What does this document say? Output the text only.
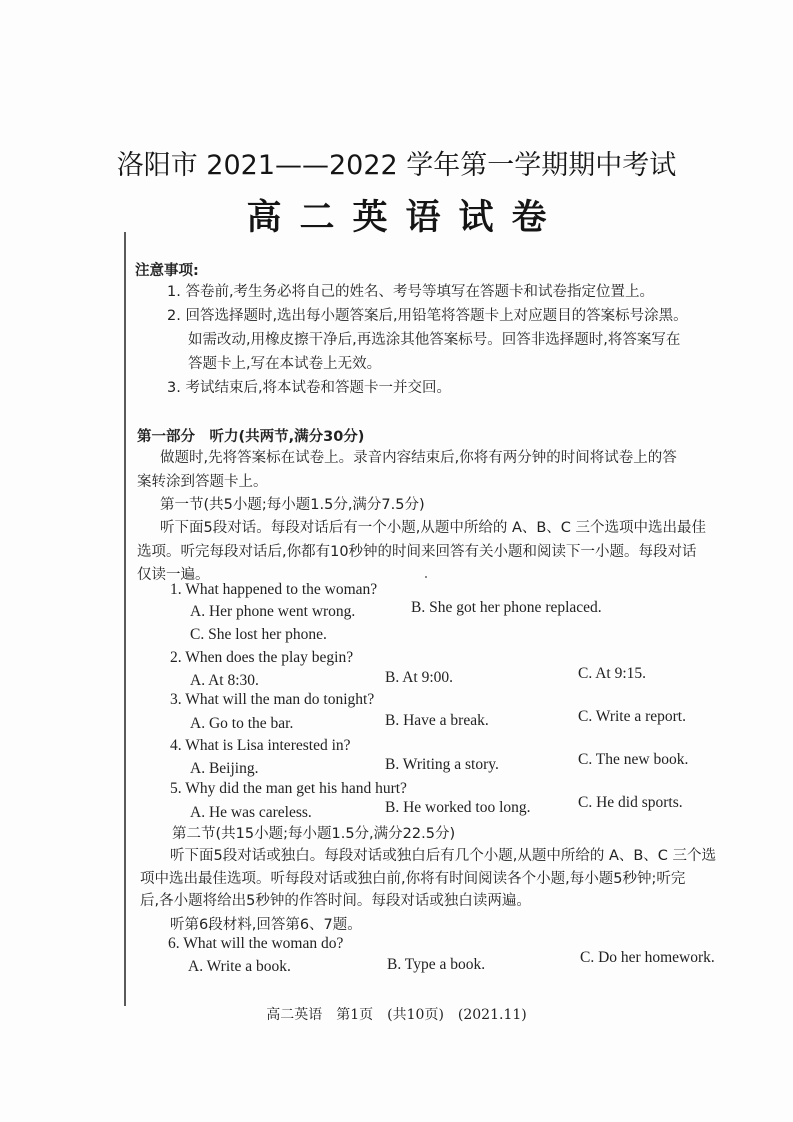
洛阳市 2021——2022 学年第一学期期中考试
高二英语试卷
注意事项:
1. 答卷前,考生务必将自己的姓名、考号等填写在答题卡和试卷指定位置上。
2. 回答选择题时,选出每小题答案后,用铅笔将答题卡上对应题目的答案标号涂黑。
如需改动,用橡皮擦干净后,再选涂其他答案标号。回答非选择题时,将答案写在
答题卡上,写在本试卷上无效。
3. 考试结束后,将本试卷和答题卡一并交回。
第一部分　听力(共两节,满分30分)
做题时,先将答案标在试卷上。录音内容结束后,你将有两分钟的时间将试卷上的答
案转涂到答题卡上。
第一节(共5小题;每小题1.5分,满分7.5分)
听下面5段对话。每段对话后有一个小题,从题中所给的 A、B、C 三个选项中选出最佳
选项。听完每段对话后,你都有10秒钟的时间来回答有关小题和阅读下一小题。每段对话
仅读一遍。
1. What happened to the woman?
A. Her phone went wrong.	B. She got her phone replaced.
C. She lost her phone.
2. When does the play begin?
A. At 8:30.	B. At 9:00.	C. At 9:15.
3. What will the man do tonight?
A. Go to the bar.	B. Have a break.	C. Write a report.
4. What is Lisa interested in?
A. Beijing.	B. Writing a story.	C. The new book.
5. Why did the man get his hand hurt?
A. He was careless.	B. He worked too long.	C. He did sports.
第二节(共15小题;每小题1.5分,满分22.5分)
听下面5段对话或独白。每段对话或独白后有几个小题,从题中所给的 A、B、C 三个选
项中选出最佳选项。听每段对话或独白前,你将有时间阅读各个小题,每小题5秒钟;听完
后,各小题将给出5秒钟的作答时间。每段对话或独白读两遍。
听第6段材料,回答第6、7题。
6. What will the woman do?
A. Write a book.	B. Type a book.	C. Do her homework.
高二英语　第1页　(共10页)　(2021.11)
